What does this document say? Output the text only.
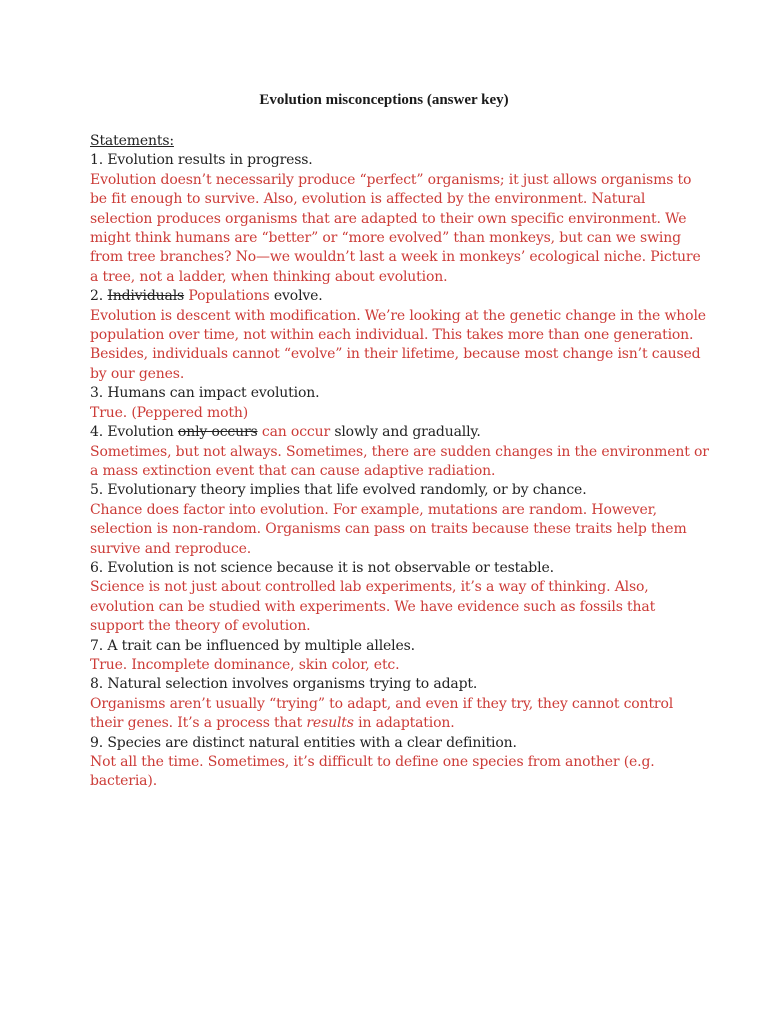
Evolution misconceptions (answer key)

Statements:

1. Evolution results in progress.

Evolution doesn’t necessarily produce “perfect” organisms; it just allows organisms to be fit enough to survive. Also, evolution is affected by the environment. Natural selection produces organisms that are adapted to their own specific environment. We might think humans are “better” or “more evolved” than monkeys, but can we swing from tree branches? No—we wouldn’t last a week in monkeys’ ecological niche. Picture a tree, not a ladder, when thinking about evolution.

2. Individuals Populations evolve.

Evolution is descent with modification. We’re looking at the genetic change in the whole population over time, not within each individual. This takes more than one generation. Besides, individuals cannot “evolve” in their lifetime, because most change isn’t caused by our genes.

3. Humans can impact evolution.

True. (Peppered moth)

4. Evolution only occurs can occur slowly and gradually.

Sometimes, but not always. Sometimes, there are sudden changes in the environment or a mass extinction event that can cause adaptive radiation.

5. Evolutionary theory implies that life evolved randomly, or by chance.

Chance does factor into evolution. For example, mutations are random. However, selection is non-random. Organisms can pass on traits because these traits help them survive and reproduce.

6. Evolution is not science because it is not observable or testable.

Science is not just about controlled lab experiments, it’s a way of thinking. Also, evolution can be studied with experiments. We have evidence such as fossils that support the theory of evolution.

7. A trait can be influenced by multiple alleles.

True. Incomplete dominance, skin color, etc.

8. Natural selection involves organisms trying to adapt.

Organisms aren’t usually “trying” to adapt, and even if they try, they cannot control their genes. It’s a process that results in adaptation.

9. Species are distinct natural entities with a clear definition.

Not all the time. Sometimes, it’s difficult to define one species from another (e.g. bacteria).
